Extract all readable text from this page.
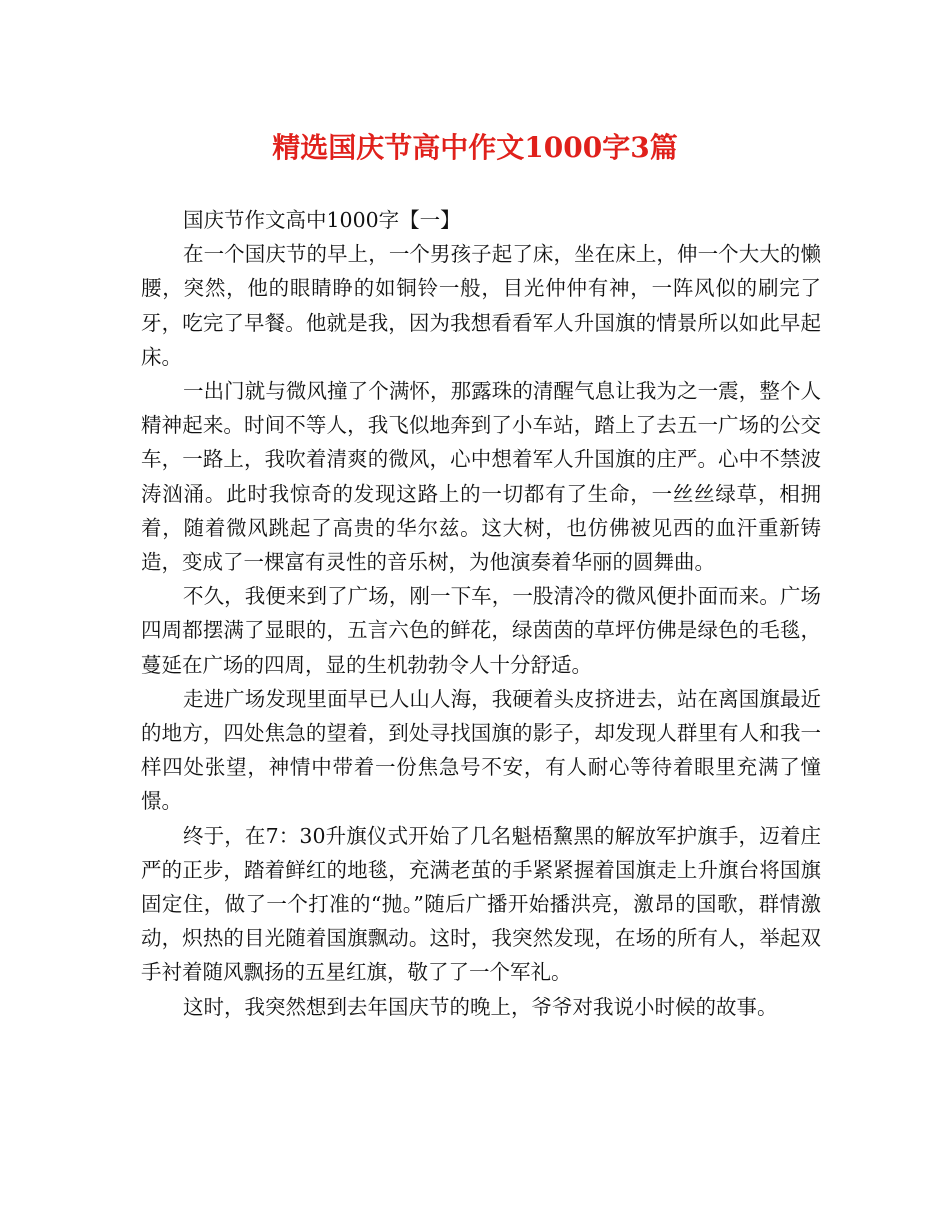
精选国庆节高中作文1000字3篇

国庆节作文高中1000字【一】

在一个国庆节的早上，一个男孩子起了床，坐在床上，伸一个大大的懒腰，突然，他的眼睛睁的如铜铃一般，目光仲仲有神，一阵风似的刷完了牙，吃完了早餐。他就是我，因为我想看看军人升国旗的情景所以如此早起床。

一出门就与微风撞了个满怀，那露珠的清醒气息让我为之一震，整个人精神起来。时间不等人，我飞似地奔到了小车站，踏上了去五一广场的公交车，一路上，我吹着清爽的微风，心中想着军人升国旗的庄严。心中不禁波涛汹涌。此时我惊奇的发现这路上的一切都有了生命，一丝丝绿草，相拥着，随着微风跳起了高贵的华尔兹。这大树，也仿佛被见西的血汗重新铸造，变成了一棵富有灵性的音乐树，为他演奏着华丽的圆舞曲。

不久，我便来到了广场，刚一下车，一股清冷的微风便扑面而来。广场四周都摆满了显眼的，五言六色的鲜花，绿茵茵的草坪仿佛是绿色的毛毯，蔓延在广场的四周，显的生机勃勃令人十分舒适。

走进广场发现里面早已人山人海，我硬着头皮挤进去，站在离国旗最近的地方，四处焦急的望着，到处寻找国旗的影子，却发现人群里有人和我一样四处张望，神情中带着一份焦急号不安，有人耐心等待着眼里充满了憧憬。

终于，在7：30升旗仪式开始了几名魁梧黧黑的解放军护旗手，迈着庄严的正步，踏着鲜红的地毯，充满老茧的手紧紧握着国旗走上升旗台将国旗固定住，做了一个打准的“抛。”随后广播开始播洪亮，激昂的国歌，群情激动，炽热的目光随着国旗飘动。这时，我突然发现，在场的所有人，举起双手衬着随风飘扬的五星红旗，敬了了一个军礼。

这时，我突然想到去年国庆节的晚上，爷爷对我说小时候的故事。
